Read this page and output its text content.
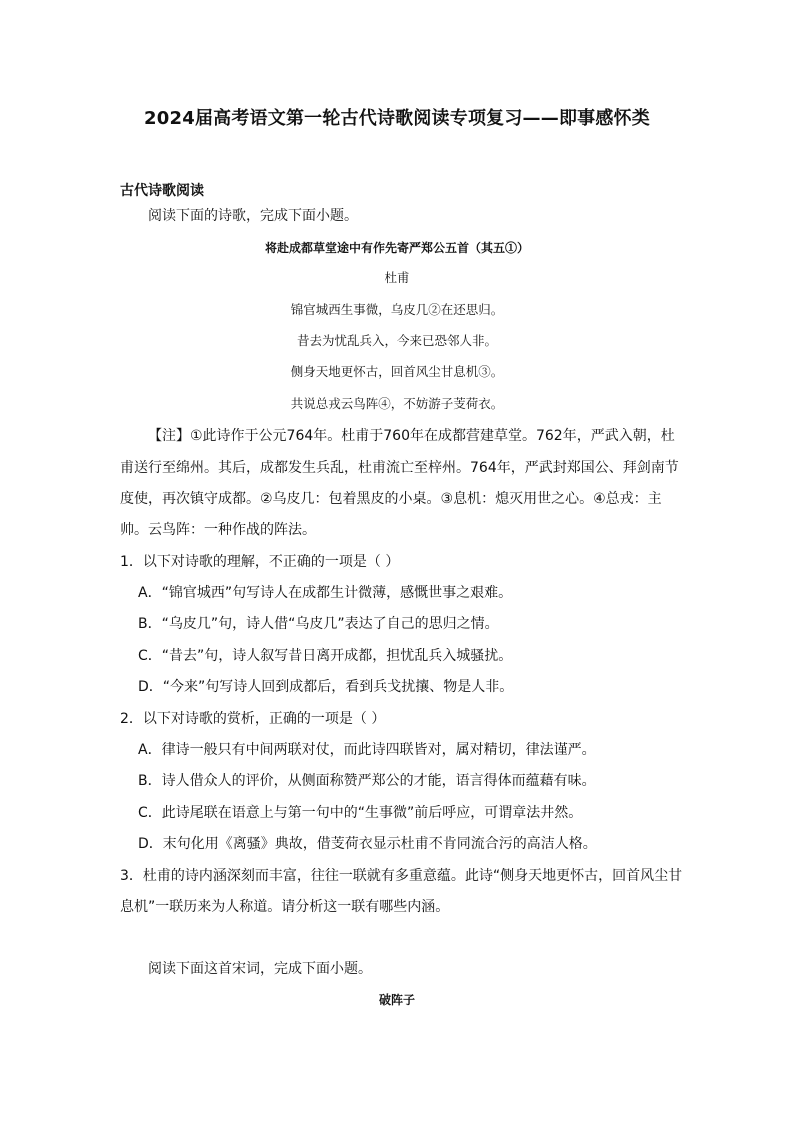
2024届高考语文第一轮古代诗歌阅读专项复习——即事感怀类
古代诗歌阅读
阅读下面的诗歌，完成下面小题。
将赴成都草堂途中有作先寄严郑公五首（其五①）
杜甫
锦官城西生事微，乌皮几②在还思归。
昔去为忧乱兵入，今来已恐邻人非。
侧身天地更怀古，回首风尘甘息机③。
共说总戎云鸟阵④，不妨游子芰荷衣。
【注】①此诗作于公元764年。杜甫于760年在成都营建草堂。762年，严武入朝，杜
甫送行至绵州。其后，成都发生兵乱，杜甫流亡至梓州。764年，严武封郑国公、拜剑南节
度使，再次镇守成都。②乌皮几：包着黑皮的小桌。③息机：熄灭用世之心。④总戎：主
帅。云鸟阵：一种作战的阵法。
1．以下对诗歌的理解，不正确的一项是（ ）
A．“锦官城西”句写诗人在成都生计微薄，感慨世事之艰难。
B．“乌皮几”句，诗人借“乌皮几”表达了自己的思归之情。
C．“昔去”句，诗人叙写昔日离开成都，担忧乱兵入城骚扰。
D．“今来”句写诗人回到成都后，看到兵戈扰攘、物是人非。
2．以下对诗歌的赏析，正确的一项是（ ）
A．律诗一般只有中间两联对仗，而此诗四联皆对，属对精切，律法谨严。
B．诗人借众人的评价，从侧面称赞严郑公的才能，语言得体而蕴藉有味。
C．此诗尾联在语意上与第一句中的“生事微”前后呼应，可谓章法井然。
D．末句化用《离骚》典故，借芰荷衣显示杜甫不肯同流合污的高洁人格。
3．杜甫的诗内涵深刻而丰富，往往一联就有多重意蕴。此诗“侧身天地更怀古，回首风尘甘
息机”一联历来为人称道。请分析这一联有哪些内涵。
阅读下面这首宋词，完成下面小题。
破阵子
